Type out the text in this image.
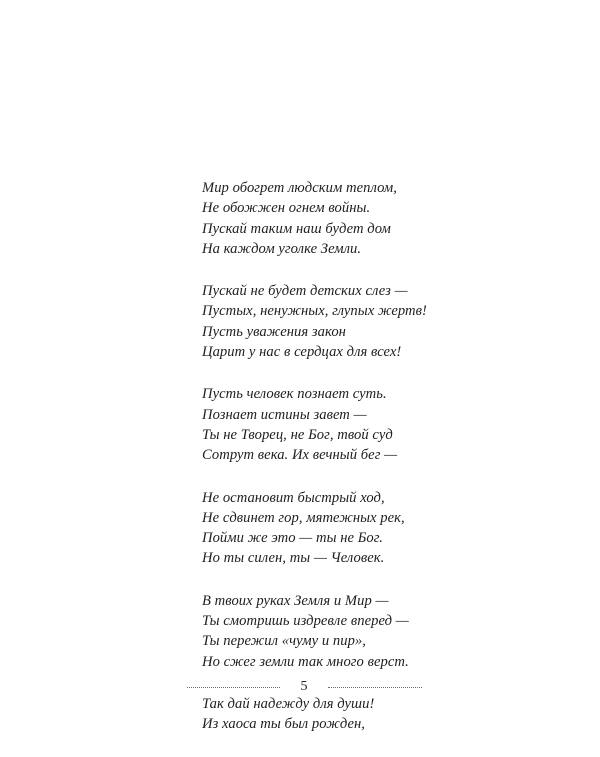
Мир обогрет людским теплом,
Не обожжен огнем войны.
Пускай таким наш будет дом
На каждом уголке Земли.
Пускай не будет детских слез —
Пустых, ненужных, глупых жертв!
Пусть уважения закон
Царит у нас в сердцах для всех!
Пусть человек познает суть.
Познает истины завет —
Ты не Творец, не Бог, твой суд
Сотрут века. Их вечный бег —
Не остановит быстрый ход,
Не сдвинет гор, мятежных рек,
Пойми же это — ты не Бог.
Но ты силен, ты — Человек.
В твоих руках Земля и Мир —
Ты смотришь издревле вперед —
Ты пережил «чуму и пир»,
Но сжег земли так много верст.
Так дай надежду для души!
Из хаоса ты был рожден,
5
